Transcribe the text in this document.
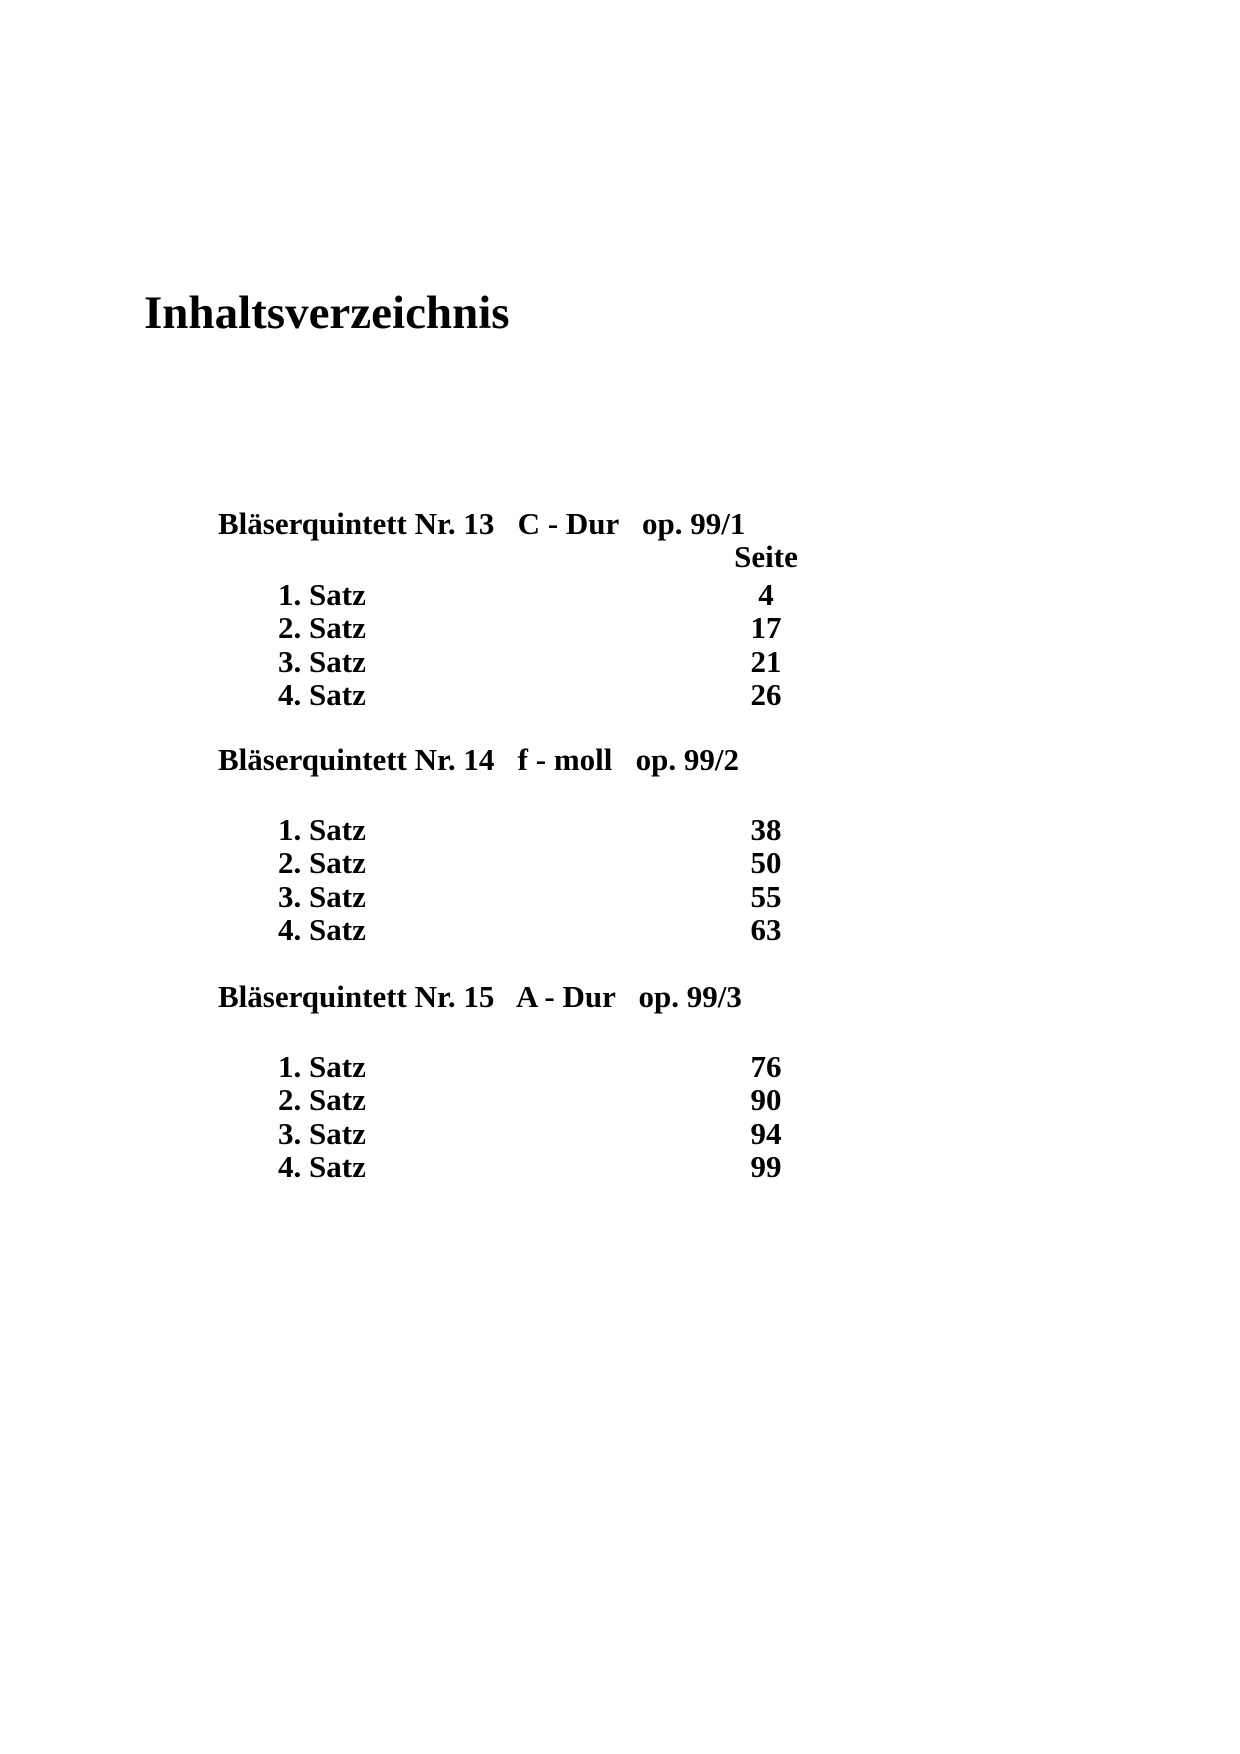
Inhaltsverzeichnis
Bläserquintett Nr. 13   C - Dur   op. 99/1
Seite
1. Satz	4
2. Satz	17
3. Satz	21
4. Satz	26
Bläserquintett Nr. 14   f - moll   op. 99/2
1. Satz	38
2. Satz	50
3. Satz	55
4. Satz	63
Bläserquintett Nr. 15   A - Dur   op. 99/3
1. Satz	76
2. Satz	90
3. Satz	94
4. Satz	99
